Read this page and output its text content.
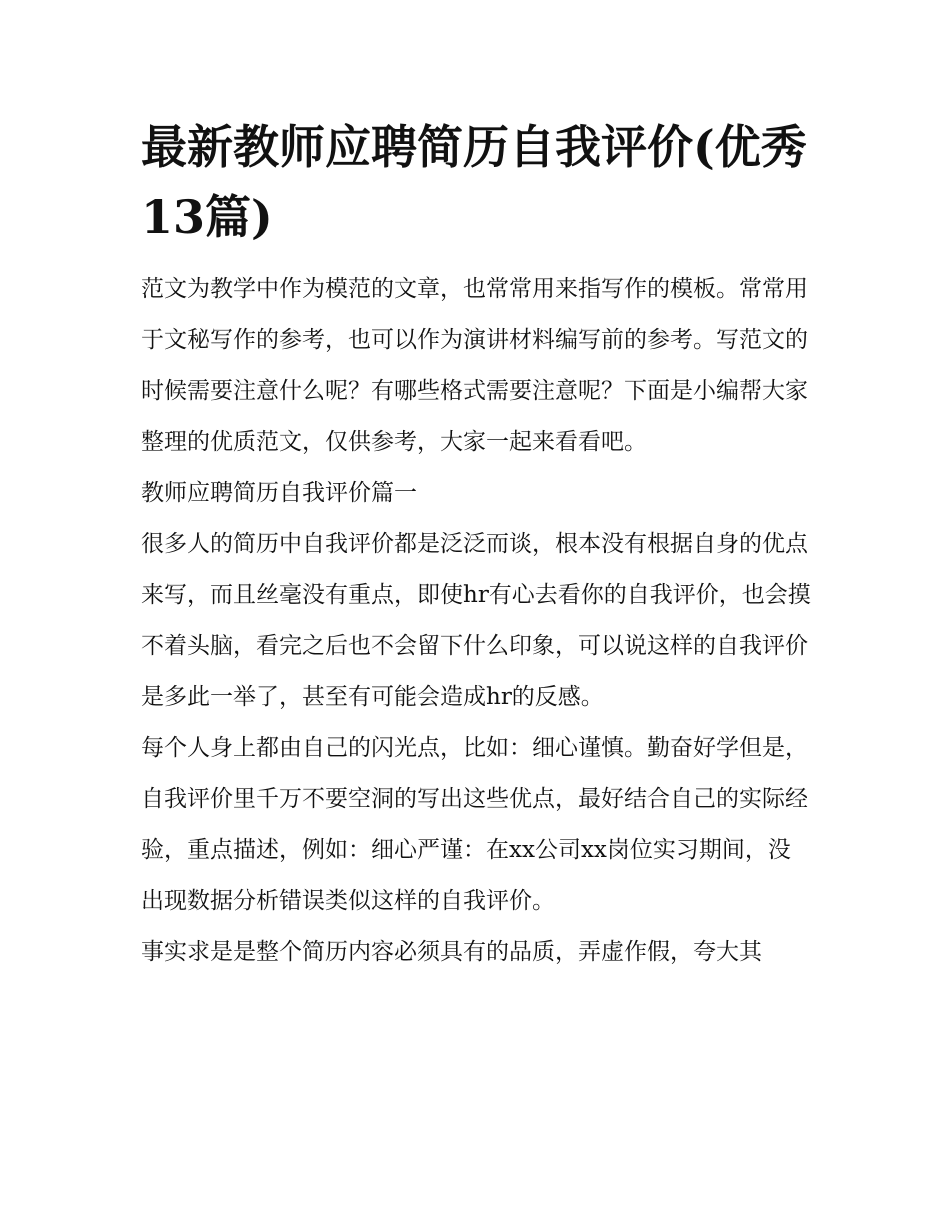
最新教师应聘简历自我评价(优秀13篇)

范文为教学中作为模范的文章，也常常用来指写作的模板。常常用于文秘写作的参考，也可以作为演讲材料编写前的参考。写范文的时候需要注意什么呢？有哪些格式需要注意呢？下面是小编帮大家整理的优质范文，仅供参考，大家一起来看看吧。

教师应聘简历自我评价篇一

很多人的简历中自我评价都是泛泛而谈，根本没有根据自身的优点来写，而且丝毫没有重点，即使hr有心去看你的自我评价，也会摸不着头脑，看完之后也不会留下什么印象，可以说这样的自我评价是多此一举了，甚至有可能会造成hr的反感。

每个人身上都由自己的闪光点，比如：细心谨慎。勤奋好学但是，自我评价里千万不要空洞的写出这些优点，最好结合自己的实际经验，重点描述，例如：细心严谨：在xx公司xx岗位实习期间，没出现数据分析错误类似这样的自我评价。

事实求是是整个简历内容必须具有的品质，弄虚作假，夸大其
